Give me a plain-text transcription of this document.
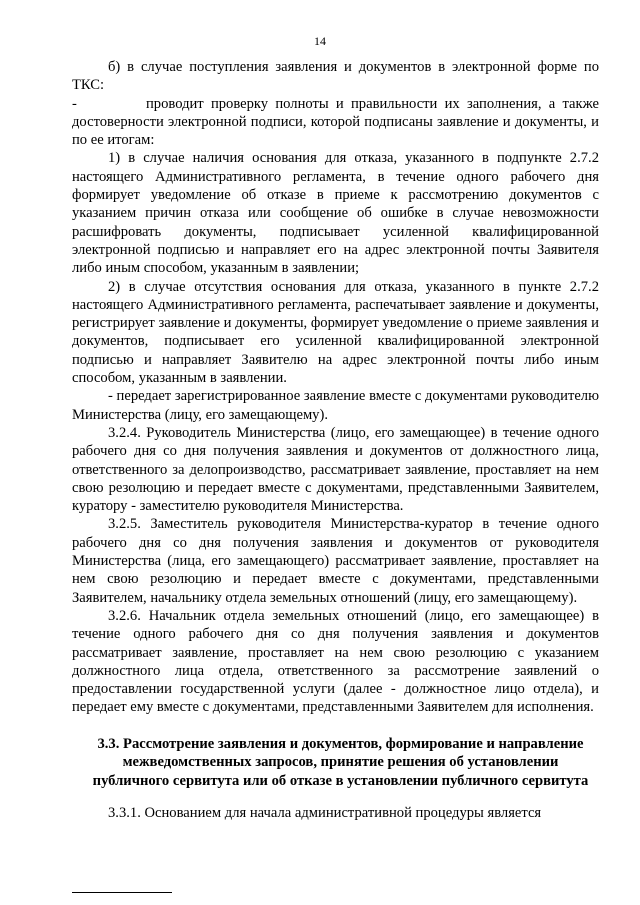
14

б) в случае поступления заявления и документов в электронной форме по ТКС:

-	проводит проверку полноты и правильности их заполнения, а также достоверности электронной подписи, которой подписаны заявление и документы, и по ее итогам:

1) в случае наличия основания для отказа, указанного в подпункте 2.7.2 настоящего Административного регламента, в течение одного рабочего дня формирует уведомление об отказе в приеме к рассмотрению документов с указанием причин отказа или сообщение об ошибке в случае невозможности расшифровать документы, подписывает усиленной квалифицированной электронной подписью и направляет его на адрес электронной почты Заявителя либо иным способом, указанным в заявлении;

2) в случае отсутствия основания для отказа, указанного в пункте 2.7.2 настоящего Административного регламента, распечатывает заявление и документы, регистрирует заявление и документы, формирует уведомление о приеме заявления и документов, подписывает его усиленной квалифицированной электронной подписью и направляет Заявителю на адрес электронной почты либо иным способом, указанным в заявлении.

- передает зарегистрированное заявление вместе с документами руководителю Министерства (лицу, его замещающему).

3.2.4. Руководитель Министерства (лицо, его замещающее) в течение одного рабочего дня со дня получения заявления и документов от должностного лица, ответственного за делопроизводство, рассматривает заявление, проставляет на нем свою резолюцию и передает вместе с документами, представленными Заявителем, куратору - заместителю руководителя Министерства.

3.2.5. Заместитель руководителя Министерства-куратор в течение одного рабочего дня со дня получения заявления и документов от руководителя Министерства (лица, его замещающего) рассматривает заявление, проставляет на нем свою резолюцию и передает вместе с документами, представленными Заявителем, начальнику отдела земельных отношений (лицу, его замещающему).

3.2.6. Начальник отдела земельных отношений (лицо, его замещающее) в течение одного рабочего дня со дня получения заявления и документов рассматривает заявление, проставляет на нем свою резолюцию с указанием должностного лица отдела, ответственного за рассмотрение заявлений о предоставлении государственной услуги (далее - должностное лицо отдела), и передает ему вместе с документами, представленными Заявителем для исполнения.

3.3. Рассмотрение заявления и документов, формирование и направление
межведомственных запросов, принятие решения об установлении
публичного сервитута или об отказе в установлении публичного сервитута

3.3.1. Основанием для начала административной процедуры является
